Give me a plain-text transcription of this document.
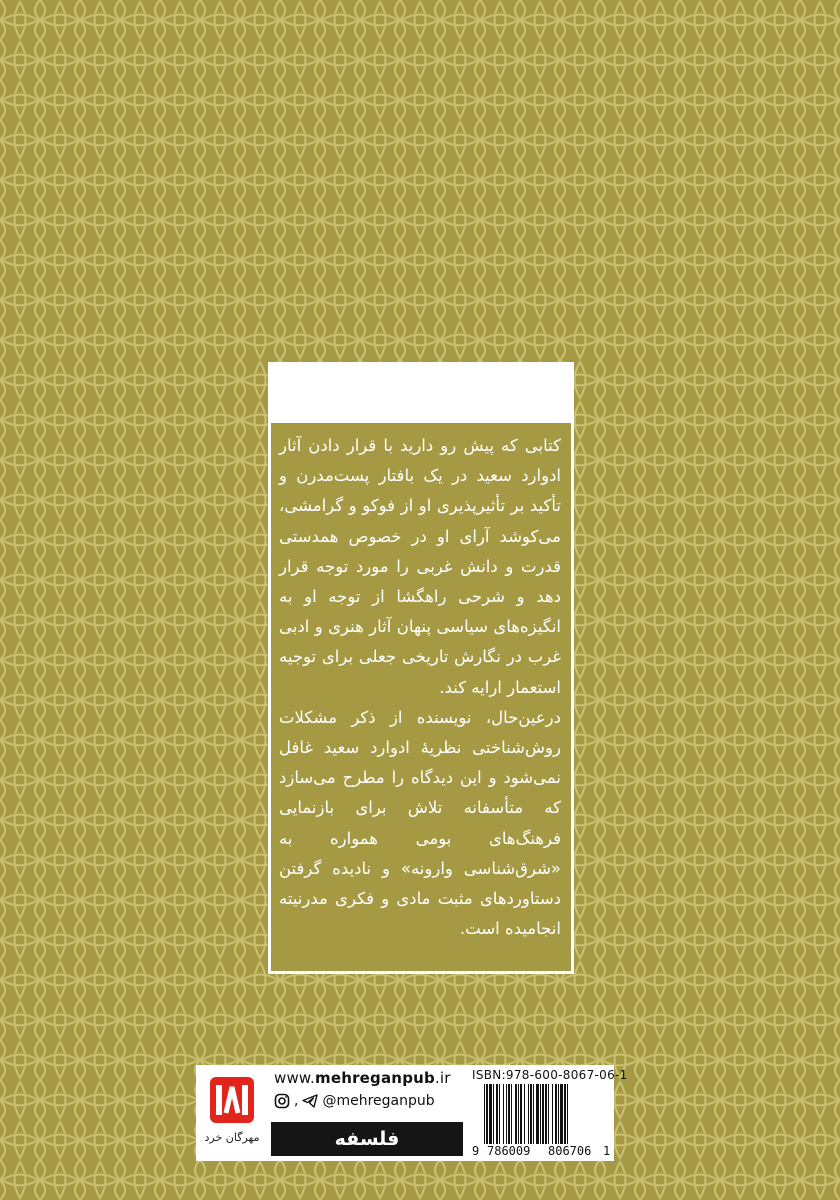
کتابی که پیش رو دارید با قرار دادن آثار ادوارد سعید در یک بافتار پست‌مدرن و تأکید بر تأثیرپذیری او از فوکو و گرامشی، می‌کوشد آرای او در خصوص همدستی قدرت و دانش غربی را مورد توجه قرار دهد و شرحی راهگشا از توجه او به انگیزه‌های سیاسی پنهان آثار هنری و ادبی غرب در نگارش تاریخی جعلی برای توجیه استعمار ارایه کند.

درعین‌حال، نویسنده از ذکر مشکلات روش‌شناختی نظریهٔ ادوارد سعید غافل نمی‌شود و این دیدگاه را مطرح می‌سازد که متأسفانه تلاش برای بازنمایی فرهنگ‌های بومی همواره به «شرق‌شناسی وارونه» و نادیده گرفتن دستاوردهای مثبت مادی و فکری مدرنیته انجامیده است.

مهرگان خرد
www.mehreganpub.ir
, @mehreganpub
فلسفه
ISBN:978-600-8067-06-1
9 786009 806706 1
